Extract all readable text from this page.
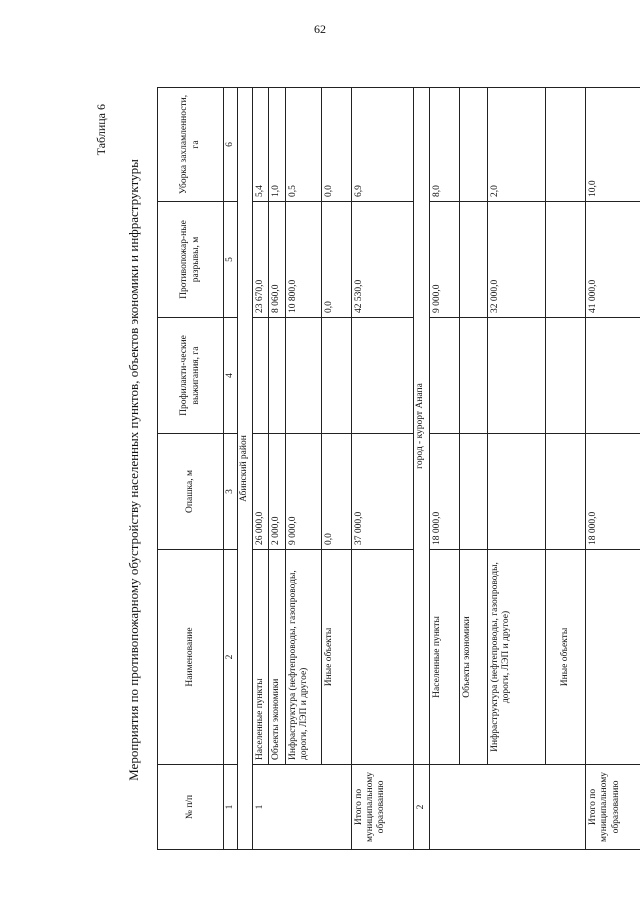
62
Таблица 6
Мероприятия по противопожарному обустройству населенных пунктов, объектов экономики и инфраструктуры
№ п/п	Наименование	Опашка, м	Профилакти-ческие выжигания, га	Противопожар-ные разрывы, м	Уборка захламленности, га
1	2	3	4	5	6
Абинский район					
1	Населенные пункты	26 000,0		23 670,0	5,4
	Объекты экономики	2 000,0		8 060,0	1,0
	Инфраструктура (нефтепроводы, газопроводы, дороги, ЛЭП и другое)	9 000,0		10 800,0	0,5
	Иные объекты	0,0		0,0	0,0
Итого по муниципальному образованию		37 000,0		42 530,0	6,9
2	город - курорт Анапа				
	Населенные пункты	18 000,0		9 000,0	8,0
	Объекты экономики				
	Инфраструктура (нефтепроводы, газопроводы, дороги, ЛЭП и другое)			32 000,0	2,0
	Иные объекты				
Итого по муниципальному образованию		18 000,0		41 000,0	10,0
